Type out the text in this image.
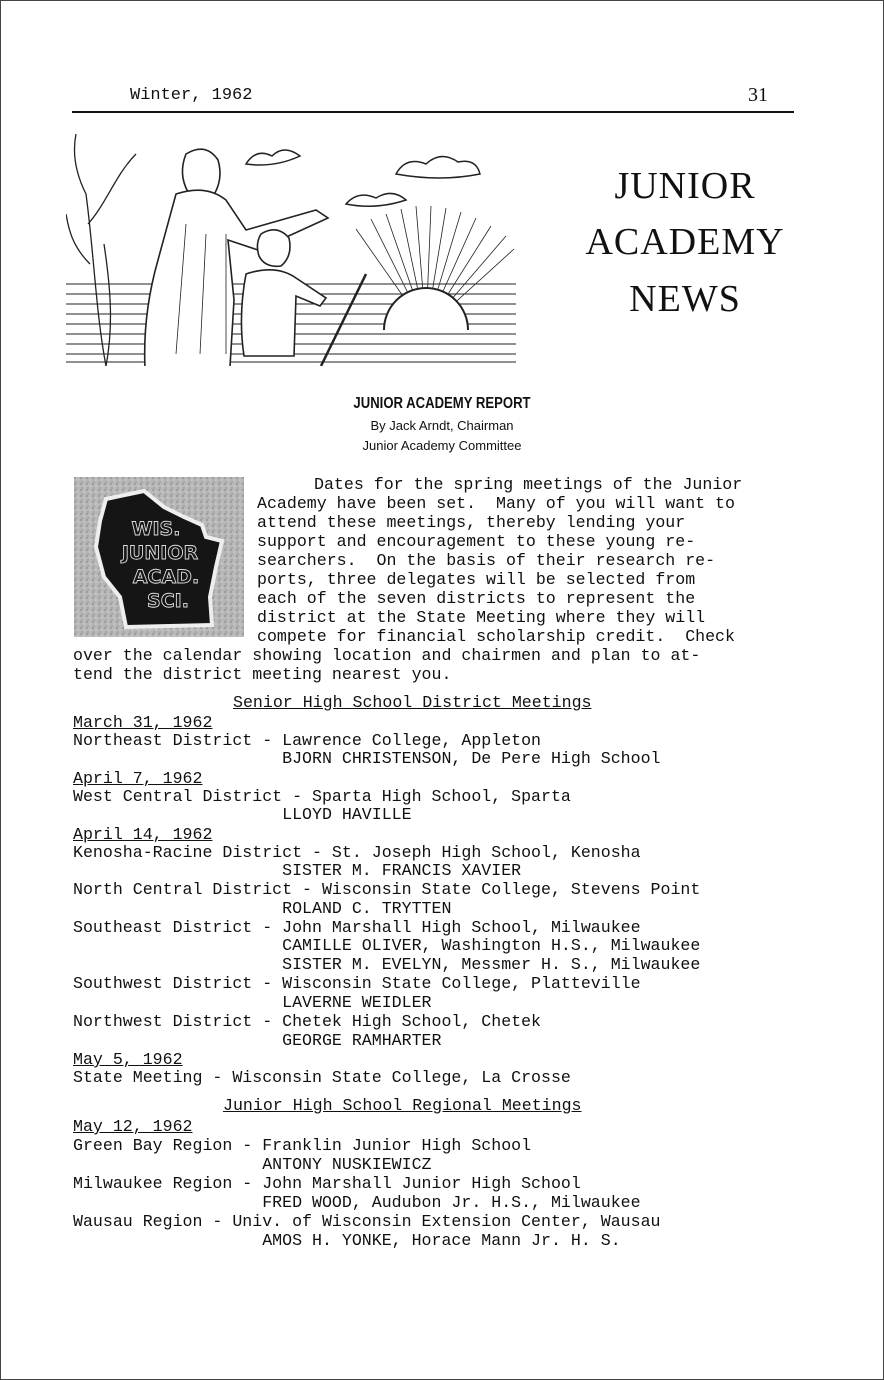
Winter, 1962	31
JUNIOR
ACADEMY
NEWS
JUNIOR ACADEMY REPORT
By Jack Arndt, Chairman
Junior Academy Committee
WIS.
JUNIOR
ACAD.
SCI.
Dates for the spring meetings of the Junior
Academy have been set.  Many of you will want to
attend these meetings, thereby lending your
support and encouragement to these young re-
searchers.  On the basis of their research re-
ports, three delegates will be selected from
each of the seven districts to represent the
district at the State Meeting where they will
compete for financial scholarship credit.  Check
over the calendar showing location and chairmen and plan to at-
tend the district meeting nearest you.
Senior High School District Meetings
March 31, 1962
Northeast District - Lawrence College, Appleton
BJORN CHRISTENSON, De Pere High School
April 7, 1962
West Central District - Sparta High School, Sparta
LLOYD HAVILLE
April 14, 1962
Kenosha-Racine District - St. Joseph High School, Kenosha
SISTER M. FRANCIS XAVIER
North Central District - Wisconsin State College, Stevens Point
ROLAND C. TRYTTEN
Southeast District - John Marshall High School, Milwaukee
CAMILLE OLIVER, Washington H.S., Milwaukee
SISTER M. EVELYN, Messmer H. S., Milwaukee
Southwest District - Wisconsin State College, Platteville
LAVERNE WEIDLER
Northwest District - Chetek High School, Chetek
GEORGE RAMHARTER
May 5, 1962
State Meeting - Wisconsin State College, La Crosse
Junior High School Regional Meetings
May 12, 1962
Green Bay Region - Franklin Junior High School
ANTONY NUSKIEWICZ
Milwaukee Region - John Marshall Junior High School
FRED WOOD, Audubon Jr. H.S., Milwaukee
Wausau Region - Univ. of Wisconsin Extension Center, Wausau
AMOS H. YONKE, Horace Mann Jr. H. S.
